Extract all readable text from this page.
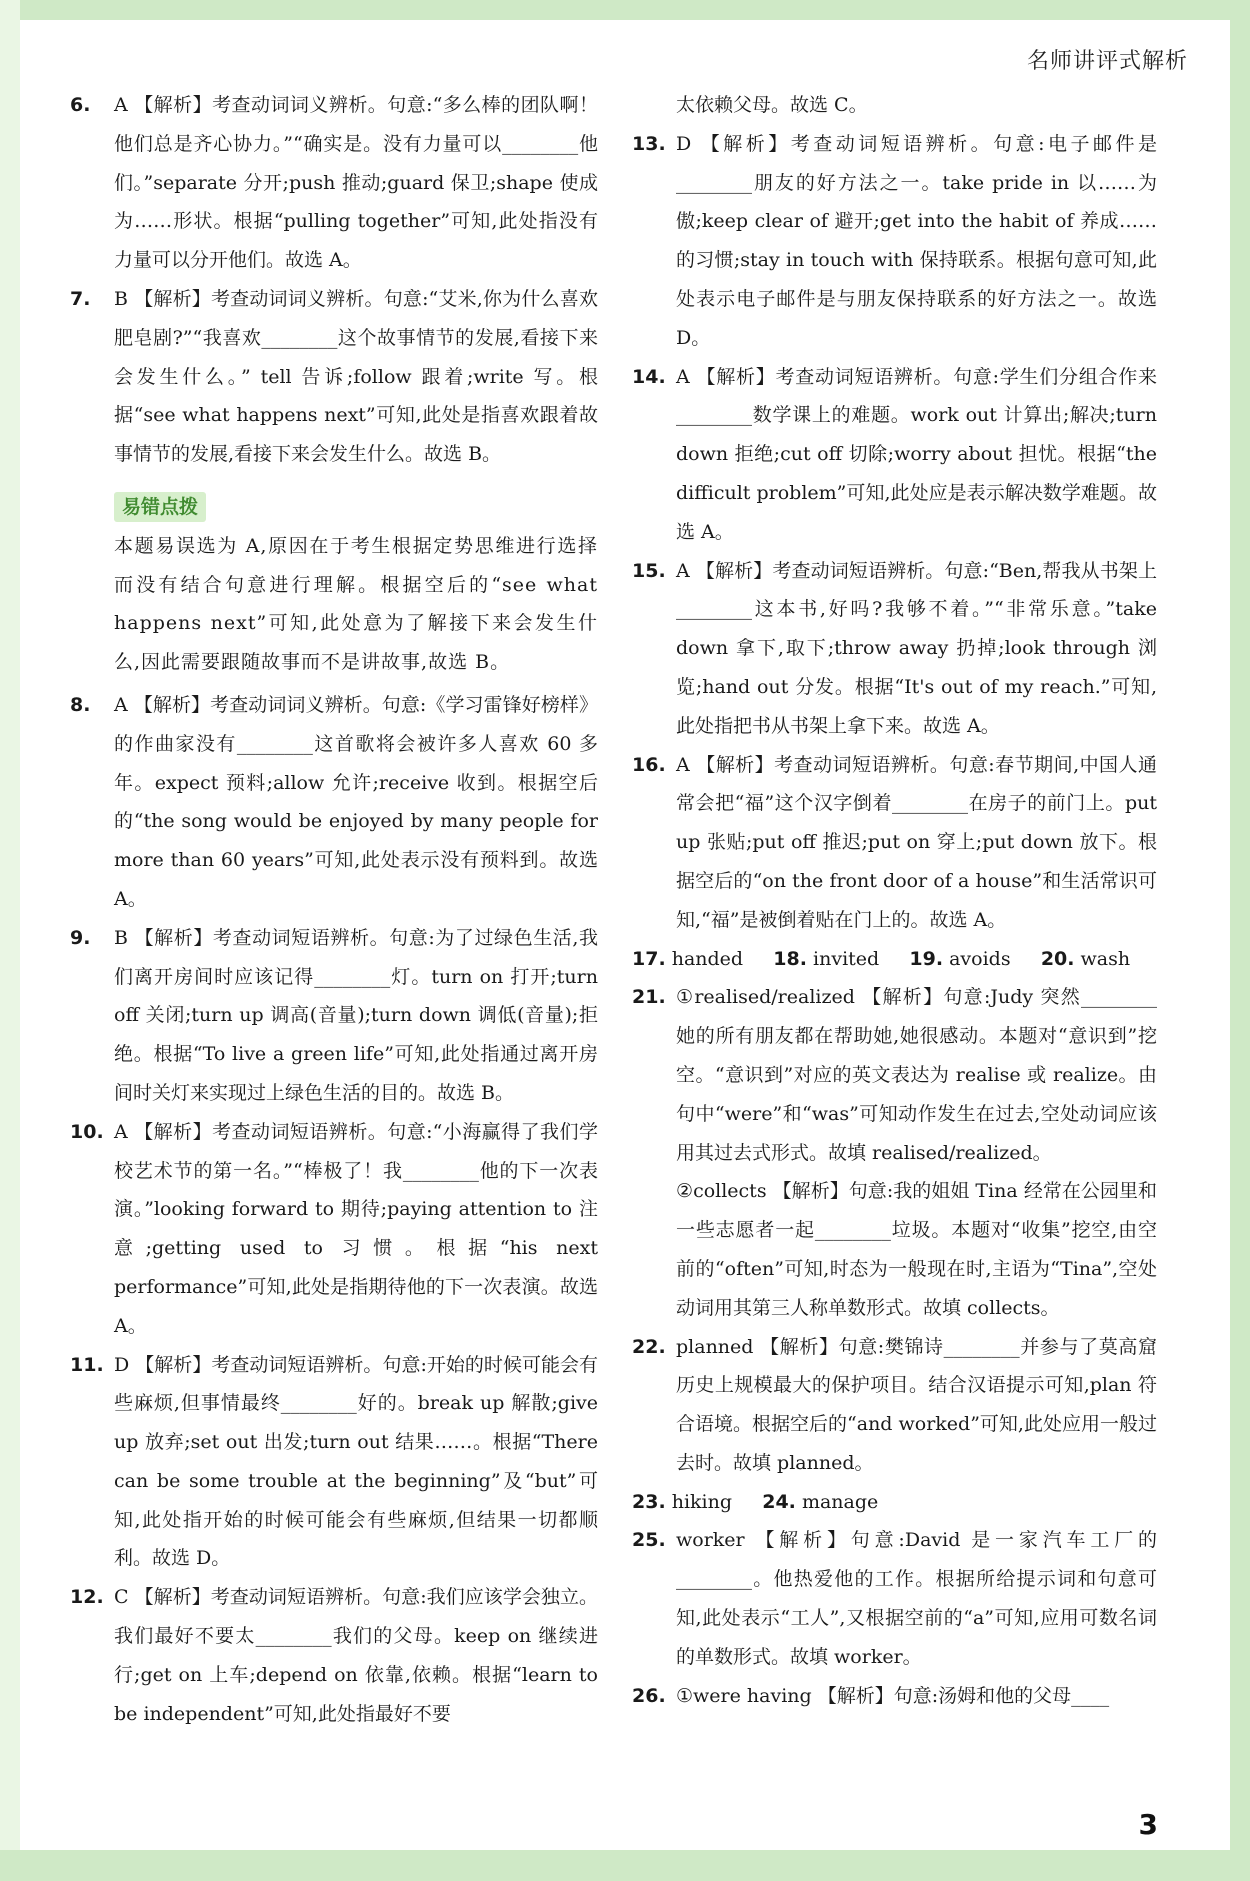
名师讲评式解析
6. A 【解析】考查动词词义辨析。句意:“多么棒的团队啊！他们总是齐心协力。”“确实是。没有力量可以________他们。”separate 分开;push 推动;guard 保卫;shape 使成为……形状。根据“pulling together”可知,此处指没有力量可以分开他们。故选 A。
7. B 【解析】考查动词词义辨析。句意:“艾米,你为什么喜欢肥皂剧?”“我喜欢________这个故事情节的发展,看接下来会发生什么。” tell 告诉;follow 跟着;write 写。根据“see what happens next”可知,此处是指喜欢跟着故事情节的发展,看接下来会发生什么。故选 B。
易错点拨
本题易误选为 A,原因在于考生根据定势思维进行选择而没有结合句意进行理解。根据空后的“see what happens next”可知,此处意为了解接下来会发生什么,因此需要跟随故事而不是讲故事,故选 B。
8. A 【解析】考查动词词义辨析。句意:《学习雷锋好榜样》的作曲家没有________这首歌将会被许多人喜欢 60 多年。expect 预料;allow 允许;receive 收到。根据空后的“the song would be enjoyed by many people for more than 60 years”可知,此处表示没有预料到。故选 A。
9. B 【解析】考查动词短语辨析。句意:为了过绿色生活,我们离开房间时应该记得________灯。turn on 打开;turn off 关闭;turn up 调高(音量);turn down 调低(音量);拒绝。根据“To live a green life”可知,此处指通过离开房间时关灯来实现过上绿色生活的目的。故选 B。
10. A 【解析】考查动词短语辨析。句意:“小海赢得了我们学校艺术节的第一名。”“棒极了！我________他的下一次表演。”looking forward to 期待;paying attention to 注意;getting used to 习惯。根据“his next performance”可知,此处是指期待他的下一次表演。故选 A。
11. D 【解析】考查动词短语辨析。句意:开始的时候可能会有些麻烦,但事情最终________好的。break up 解散;give up 放弃;set out 出发;turn out 结果……。根据“There can be some trouble at the beginning”及“but”可知,此处指开始的时候可能会有些麻烦,但结果一切都顺利。故选 D。
12. C 【解析】考查动词短语辨析。句意:我们应该学会独立。我们最好不要太________我们的父母。keep on 继续进行;get on 上车;depend on 依靠,依赖。根据“learn to be independent”可知,此处指最好不要
太依赖父母。故选 C。
13. D 【解析】考查动词短语辨析。句意:电子邮件是________朋友的好方法之一。take pride in 以……为傲;keep clear of 避开;get into the habit of 养成……的习惯;stay in touch with 保持联系。根据句意可知,此处表示电子邮件是与朋友保持联系的好方法之一。故选 D。
14. A 【解析】考查动词短语辨析。句意:学生们分组合作来________数学课上的难题。work out 计算出;解决;turn down 拒绝;cut off 切除;worry about 担忧。根据“the difficult problem”可知,此处应是表示解决数学难题。故选 A。
15. A 【解析】考查动词短语辨析。句意:“Ben,帮我从书架上________这本书,好吗?我够不着。”“非常乐意。”take down 拿下,取下;throw away 扔掉;look through 浏览;hand out 分发。根据“It's out of my reach.”可知,此处指把书从书架上拿下来。故选 A。
16. A 【解析】考查动词短语辨析。句意:春节期间,中国人通常会把“福”这个汉字倒着________在房子的前门上。put up 张贴;put off 推迟;put on 穿上;put down 放下。根据空后的“on the front door of a house”和生活常识可知,“福”是被倒着贴在门上的。故选 A。
17. handed 18. invited 19. avoids 20. wash
21. ①realised/realized 【解析】句意:Judy 突然________她的所有朋友都在帮助她,她很感动。本题对“意识到”挖空。“意识到”对应的英文表达为 realise 或 realize。由句中“were”和“was”可知动作发生在过去,空处动词应该用其过去式形式。故填 realised/realized。
②collects 【解析】句意:我的姐姐 Tina 经常在公园里和一些志愿者一起________垃圾。本题对“收集”挖空,由空前的“often”可知,时态为一般现在时,主语为“Tina”,空处动词用其第三人称单数形式。故填 collects。
22. planned 【解析】句意:樊锦诗________并参与了莫高窟历史上规模最大的保护项目。结合汉语提示可知,plan 符合语境。根据空后的“and worked”可知,此处应用一般过去时。故填 planned。
23. hiking 24. manage
25. worker 【解析】句意:David 是一家汽车工厂的________。他热爱他的工作。根据所给提示词和句意可知,此处表示“工人”,又根据空前的“a”可知,应用可数名词的单数形式。故填 worker。
26. ①were having 【解析】句意:汤姆和他的父母____
3
